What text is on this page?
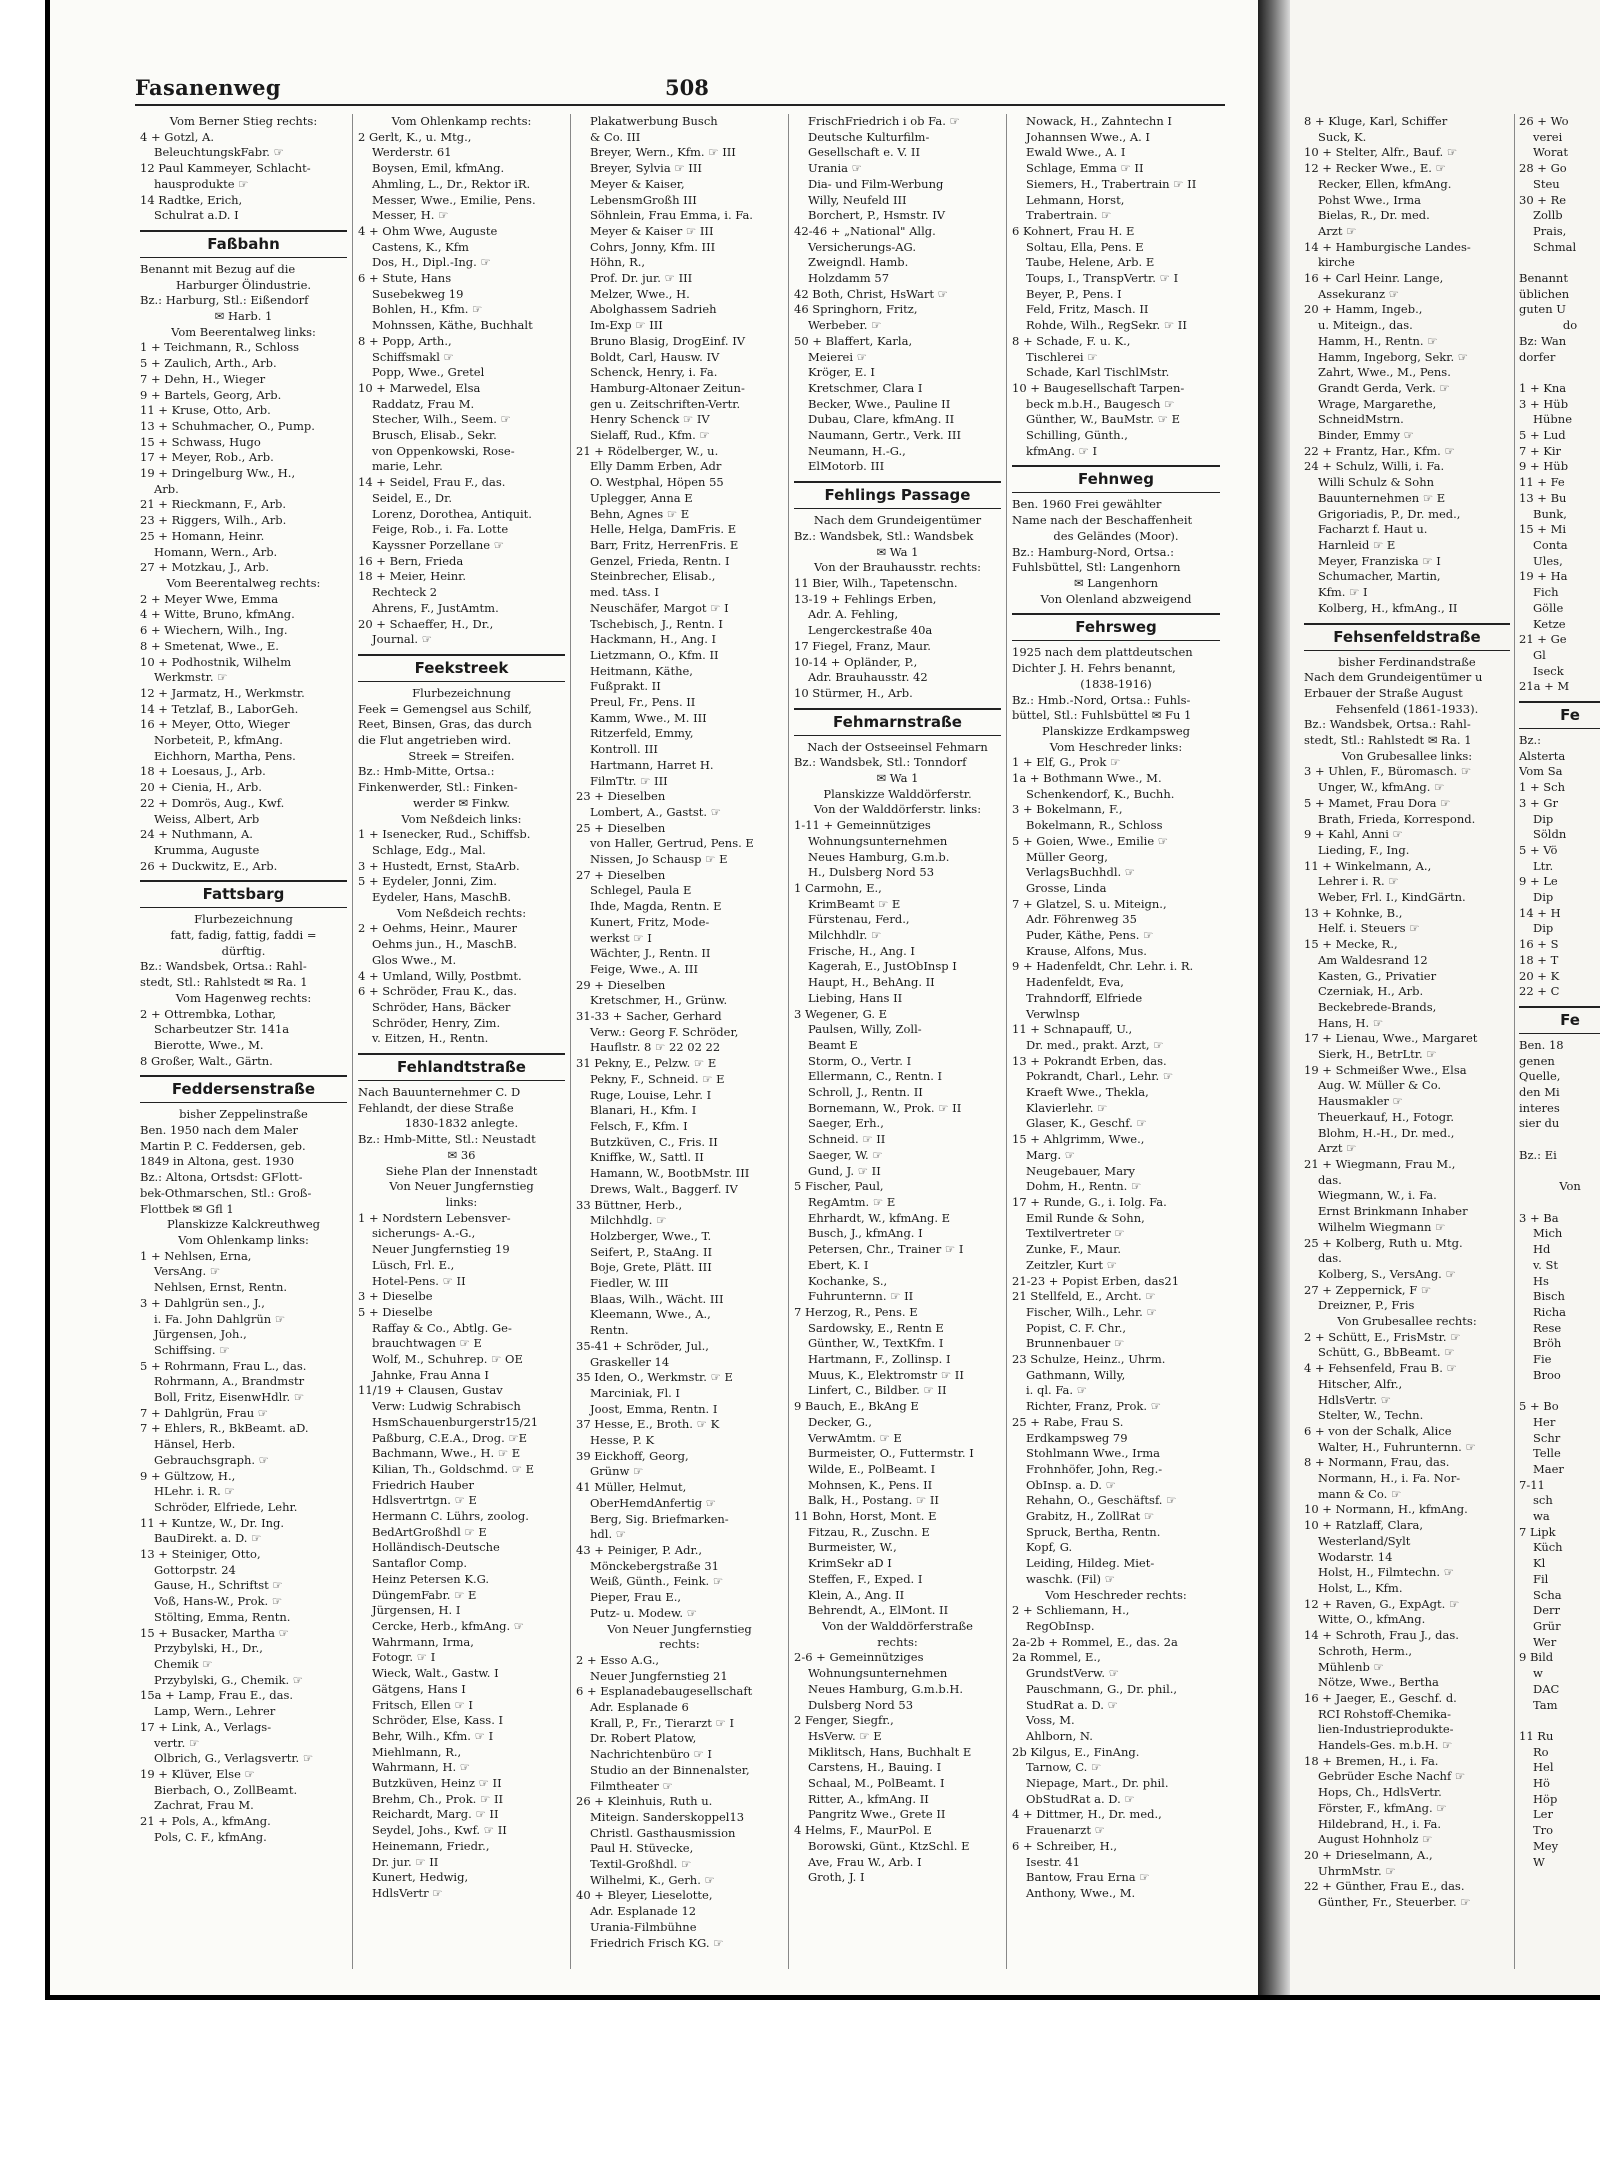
Fasanenweg	508
Vom Berner Stieg rechts:
4 + Gotzl, A.
BeleuchtungskFabr. ☞
12 Paul Kammeyer, Schlacht-
hausprodukte ☞
14 Radtke, Erich,
Schulrat a.D. I
Faßbahn
Benannt mit Bezug auf die
Harburger Ölindustrie.
Bz.: Harburg, Stl.: Eißendorf
✉ Harb. 1
Vom Beerentalweg links:
1 + Teichmann, R., Schloss
5 + Zaulich, Arth., Arb.
7 + Dehn, H., Wieger
9 + Bartels, Georg, Arb.
11 + Kruse, Otto, Arb.
13 + Schuhmacher, O., Pump.
15 + Schwass, Hugo
17 + Meyer, Rob., Arb.
19 + Dringelburg Ww., H.,
Arb.
21 + Rieckmann, F., Arb.
23 + Riggers, Wilh., Arb.
25 + Homann, Heinr.
Homann, Wern., Arb.
27 + Motzkau, J., Arb.
Vom Beerentalweg rechts:
2 + Meyer Wwe, Emma
4 + Witte, Bruno, kfmAng.
6 + Wiechern, Wilh., Ing.
8 + Smetenat, Wwe., E.
10 + Podhostnik, Wilhelm
Werkmstr. ☞
12 + Jarmatz, H., Werkmstr.
14 + Tetzlaf, B., LaborGeh.
16 + Meyer, Otto, Wieger
Norbeteit, P., kfmAng.
Eichhorn, Martha, Pens.
18 + Loesaus, J., Arb.
20 + Cienia, H., Arb.
22 + Domrös, Aug., Kwf.
Weiss, Albert, Arb
24 + Nuthmann, A.
Krumma, Auguste
26 + Duckwitz, E., Arb.
Fattsbarg
Flurbezeichnung
fatt, fadig, fattig, faddi =
dürftig.
Bz.: Wandsbek, Ortsa.: Rahl-
stedt, Stl.: Rahlstedt ✉ Ra. 1
Vom Hagenweg rechts:
2 + Ottrembka, Lothar,
Scharbeutzer Str. 141a
Bierotte, Wwe., M.
8 Großer, Walt., Gärtn.
Feddersenstraße
bisher Zeppelinstraße
Ben. 1950 nach dem Maler
Martin P. C. Feddersen, geb.
1849 in Altona, gest. 1930
Bz.: Altona, Ortsdst: GFlott-
bek-Othmarschen, Stl.: Groß-
Flottbek ✉ Gfl 1
Planskizze Kalckreuthweg
Vom Ohlenkamp links:
1 + Nehlsen, Erna,
VersAng. ☞
Nehlsen, Ernst, Rentn.
3 + Dahlgrün sen., J.,
i. Fa. John Dahlgrün ☞
Jürgensen, Joh.,
Schiffsing. ☞
5 + Rohrmann, Frau L., das.
Rohrmann, A., Brandmstr
Boll, Fritz, EisenwHdlr. ☞
7 + Dahlgrün, Frau ☞
7 + Ehlers, R., BkBeamt. aD.
Hänsel, Herb.
Gebrauchsgraph. ☞
9 + Gültzow, H.,
HLehr. i. R. ☞
Schröder, Elfriede, Lehr.
11 + Kuntze, W., Dr. Ing.
BauDirekt. a. D. ☞
13 + Steiniger, Otto,
Gottorpstr. 24
Gause, H., Schriftst ☞
Voß, Hans-W., Prok. ☞
Stölting, Emma, Rentn.
15 + Busacker, Martha ☞
Przybylski, H., Dr.,
Chemik ☞
Przybylski, G., Chemik. ☞
15a + Lamp, Frau E., das.
Lamp, Wern., Lehrer
17 + Link, A., Verlags-
vertr. ☞
Olbrich, G., Verlagsvertr. ☞
19 + Klüver, Else ☞
Bierbach, O., ZollBeamt.
Zachrat, Frau M.
21 + Pols, A., kfmAng.
Pols, C. F., kfmAng.
Vom Ohlenkamp rechts:
2 Gerlt, K., u. Mtg.,
Werderstr. 61
Boysen, Emil, kfmAng.
Ahmling, L., Dr., Rektor iR.
Messer, Wwe., Emilie, Pens.
Messer, H. ☞
4 + Ohm Wwe, Auguste
Castens, K., Kfm
Dos, H., Dipl.-Ing. ☞
6 + Stute, Hans
Susebekweg 19
Bohlen, H., Kfm. ☞
Mohnssen, Käthe, Buchhalt
8 + Popp, Arth.,
Schiffsmakl ☞
Popp, Wwe., Gretel
10 + Marwedel, Elsa
Raddatz, Frau M.
Stecher, Wilh., Seem. ☞
Brusch, Elisab., Sekr.
von Oppenkowski, Rose-
marie, Lehr.
14 + Seidel, Frau F., das.
Seidel, E., Dr.
Lorenz, Dorothea, Antiquit.
Feige, Rob., i. Fa. Lotte
Kayssner Porzellane ☞
16 + Bern, Frieda
18 + Meier, Heinr.
Rechteck 2
Ahrens, F., JustAmtm.
20 + Schaeffer, H., Dr.,
Journal. ☞
Feekstreek
Flurbezeichnung
Feek = Gemengsel aus Schilf,
Reet, Binsen, Gras, das durch
die Flut angetrieben wird.
Streek = Streifen.
Bz.: Hmb-Mitte, Ortsa.:
Finkenwerder, Stl.: Finken-
werder ✉ Finkw.
Vom Neßdeich links:
1 + Isenecker, Rud., Schiffsb.
Schlage, Edg., Mal.
3 + Hustedt, Ernst, StaArb.
5 + Eydeler, Jonni, Zim.
Eydeler, Hans, MaschB.
Vom Neßdeich rechts:
2 + Oehms, Heinr., Maurer
Oehms jun., H., MaschB.
Glos Wwe., M.
4 + Umland, Willy, Postbmt.
6 + Schröder, Frau K., das.
Schröder, Hans, Bäcker
Schröder, Henry, Zim.
v. Eitzen, H., Rentn.
Fehlandtstraße
Nach Bauunternehmer C. D
Fehlandt, der diese Straße
1830-1832 anlegte.
Bz.: Hmb-Mitte, Stl.: Neustadt
✉ 36
Siehe Plan der Innenstadt
Von Neuer Jungfernstieg
links:
1 + Nordstern Lebensver-
sicherungs- A.-G.,
Neuer Jungfernstieg 19
Lüsch, Frl. E.,
Hotel-Pens. ☞ II
3 + Dieselbe
5 + Dieselbe
Raffay & Co., Abtlg. Ge-
brauchtwagen ☞ E
Wolf, M., Schuhrep. ☞ OE
Jahnke, Frau Anna I
11/19 + Clausen, Gustav
Verw: Ludwig Schrabisch
HsmSchauenburgerstr15/21
Paßburg, C.E.A., Drog. ☞E
Bachmann, Wwe., H. ☞ E
Kilian, Th., Goldschmd. ☞ E
Friedrich Hauber
Hdlsvertrtgn. ☞ E
Hermann C. Lührs, zoolog.
BedArtGroßhdl ☞ E
Holländisch-Deutsche
Santaflor Comp.
Heinz Petersen K.G.
DüngemFabr. ☞ E
Jürgensen, H. I
Cercke, Herb., kfmAng. ☞
Wahrmann, Irma,
Fotogr. ☞ I
Wieck, Walt., Gastw. I
Gätgens, Hans I
Fritsch, Ellen ☞ I
Schröder, Else, Kass. I
Behr, Wilh., Kfm. ☞ I
Miehlmann, R.,
Wahrmann, H. ☞
Butzküven, Heinz ☞ II
Brehm, Ch., Prok. ☞ II
Reichardt, Marg. ☞ II
Seydel, Johs., Kwf. ☞ II
Heinemann, Friedr.,
Dr. jur. ☞ II
Kunert, Hedwig,
HdlsVertr ☞
Plakatwerbung Busch
& Co. III
Breyer, Wern., Kfm. ☞ III
Breyer, Sylvia ☞ III
Meyer & Kaiser,
LebensmGroßh III
Söhnlein, Frau Emma, i. Fa.
Meyer & Kaiser ☞ III
Cohrs, Jonny, Kfm. III
Höhn, R.,
Prof. Dr. jur. ☞ III
Melzer, Wwe., H.
Abolghassem Sadrieh
Im-Exp ☞ III
Bruno Blasig, DrogEinf. IV
Boldt, Carl, Hausw. IV
Schenck, Henry, i. Fa.
Hamburg-Altonaer Zeitun-
gen u. Zeitschriften-Vertr.
Henry Schenck ☞ IV
Sielaff, Rud., Kfm. ☞
21 + Rödelberger, W., u.
Elly Damm Erben, Adr
O. Westphal, Höpen 55
Uplegger, Anna E
Behn, Agnes ☞ E
Helle, Helga, DamFris. E
Barr, Fritz, HerrenFris. E
Genzel, Frieda, Rentn. I
Steinbrecher, Elisab.,
med. tAss. I
Neuschäfer, Margot ☞ I
Tschebisch, J., Rentn. I
Hackmann, H., Ang. I
Lietzmann, O., Kfm. II
Heitmann, Käthe,
Fußprakt. II
Preul, Fr., Pens. II
Kamm, Wwe., M. III
Ritzerfeld, Emmy,
Kontroll. III
Hartmann, Harret H.
FilmTtr. ☞ III
23 + Dieselben
Lombert, A., Gastst. ☞
25 + Dieselben
von Haller, Gertrud, Pens. E
Nissen, Jo Schausp ☞ E
27 + Dieselben
Schlegel, Paula E
Ihde, Magda, Rentn. E
Kunert, Fritz, Mode-
werkst ☞ I
Wächter, J., Rentn. II
Feige, Wwe., A. III
29 + Dieselben
Kretschmer, H., Grünw.
31-33 + Sacher, Gerhard
Verw.: Georg F. Schröder,
Hauflstr. 8 ☞ 22 02 22
31 Pekny, E., Pelzw. ☞ E
Pekny, F., Schneid. ☞ E
Ruge, Louise, Lehr. I
Blanari, H., Kfm. I
Felsch, F., Kfm. I
Butzküven, C., Fris. II
Kniffke, W., Sattl. II
Hamann, W., BootbMstr. III
Drews, Walt., Baggerf. IV
33 Büttner, Herb.,
Milchhdlg. ☞
Holzberger, Wwe., T.
Seifert, P., StaAng. II
Boje, Grete, Plätt. III
Fiedler, W. III
Blaas, Wilh., Wächt. III
Kleemann, Wwe., A.,
Rentn.
35-41 + Schröder, Jul.,
Graskeller 14
35 Iden, O., Werkmstr. ☞ E
Marciniak, Fl. I
Joost, Emma, Rentn. I
37 Hesse, E., Broth. ☞ K
Hesse, P. K
39 Eickhoff, Georg,
Grünw ☞
41 Müller, Helmut,
OberHemdAnfertig ☞
Berg, Sig. Briefmarken-
hdl. ☞
43 + Peiniger, P. Adr.,
Mönckebergstraße 31
Weiß, Günth., Feink. ☞
Pieper, Frau E.,
Putz- u. Modew. ☞
Von Neuer Jungfernstieg
rechts:
2 + Esso A.G.,
Neuer Jungfernstieg 21
6 + Esplanadebaugesellschaft
Adr. Esplanade 6
Krall, P., Fr., Tierarzt ☞ I
Dr. Robert Platow,
Nachrichtenbüro ☞ I
Studio an der Binnenalster,
Filmtheater ☞
26 + Kleinhuis, Ruth u.
Miteign. Sanderskoppel13
Christl. Gasthausmission
Paul H. Stüvecke,
Textil-Großhdl. ☞
Wilhelmi, K., Gerh. ☞
40 + Bleyer, Lieselotte,
Adr. Esplanade 12
Urania-Filmbühne
Friedrich Frisch KG. ☞
FrischFriedrich i ob Fa. ☞
Deutsche Kulturfilm-
Gesellschaft e. V. II
Urania ☞
Dia- und Film-Werbung
Willy, Neufeld III
Borchert, P., Hsmstr. IV
42-46 + „National" Allg.
Versicherungs-AG.
Zweigndl. Hamb.
Holzdamm 57
42 Both, Christ, HsWart ☞
46 Springhorn, Fritz,
Werbeber. ☞
50 + Blaffert, Karla,
Meierei ☞
Kröger, E. I
Kretschmer, Clara I
Becker, Wwe., Pauline II
Dubau, Clare, kfmAng. II
Naumann, Gertr., Verk. III
Neumann, H.-G.,
ElMotorb. III
Fehlings Passage
Nach dem Grundeigentümer
Bz.: Wandsbek, Stl.: Wandsbek
✉ Wa 1
Von der Brauhausstr. rechts:
11 Bier, Wilh., Tapetenschn.
13-19 + Fehlings Erben,
Adr. A. Fehling,
Lengerckestraße 40a
17 Fiegel, Franz, Maur.
10-14 + Opländer, P.,
Adr. Brauhausstr. 42
10 Stürmer, H., Arb.
Fehmarnstraße
Nach der Ostseeinsel Fehmarn
Bz.: Wandsbek, Stl.: Tonndorf
✉ Wa 1
Planskizze Walddörferstr.
Von der Walddörferstr. links:
1-11 + Gemeinnütziges
Wohnungsunternehmen
Neues Hamburg, G.m.b.
H., Dulsberg Nord 53
1 Carmohn, E.,
KrimBeamt ☞ E
Fürstenau, Ferd.,
Milchhdlr. ☞
Frische, H., Ang. I
Kagerah, E., JustObInsp I
Haupt, H., BehAng. II
Liebing, Hans II
3 Wegener, G. E
Paulsen, Willy, Zoll-
Beamt E
Storm, O., Vertr. I
Ellermann, C., Rentn. I
Schroll, J., Rentn. II
Bornemann, W., Prok. ☞ II
Saeger, Erh.,
Schneid. ☞ II
Saeger, W. ☞
Gund, J. ☞ II
5 Fischer, Paul,
RegAmtm. ☞ E
Ehrhardt, W., kfmAng. E
Busch, J., kfmAng. I
Petersen, Chr., Trainer ☞ I
Ebert, K. I
Kochanke, S.,
Fuhrunternn. ☞ II
7 Herzog, R., Pens. E
Sardowsky, E., Rentn E
Günther, W., TextKfm. I
Hartmann, F., Zollinsp. I
Muus, K., Elektromstr ☞ II
Linfert, C., Bildber. ☞ II
9 Bauch, E., BkAng E
Decker, G.,
VerwAmtm. ☞ E
Burmeister, O., Futtermstr. I
Wilde, E., PolBeamt. I
Mohnsen, K., Pens. II
Balk, H., Postang. ☞ II
11 Bohn, Horst, Mont. E
Fitzau, R., Zuschn. E
Burmeister, W.,
KrimSekr aD I
Steffen, F., Exped. I
Klein, A., Ang. II
Behrendt, A., ElMont. II
Von der Walddörferstraße
rechts:
2-6 + Gemeinnütziges
Wohnungsunternehmen
Neues Hamburg, G.m.b.H.
Dulsberg Nord 53
2 Fenger, Siegfr.,
HsVerw. ☞ E
Miklitsch, Hans, Buchhalt E
Carstens, H., Bauing. I
Schaal, M., PolBeamt. I
Ritter, A., kfmAng. II
Pangritz Wwe., Grete II
4 Helms, F., MaurPol. E
Borowski, Günt., KtzSchl. E
Ave, Frau W., Arb. I
Groth, J. I
Nowack, H., Zahntechn I
Johannsen Wwe., A. I
Ewald Wwe., A. I
Schlage, Emma ☞ II
Siemers, H., Trabertrain ☞ II
Lehmann, Horst,
Trabertrain. ☞
6 Kohnert, Frau H. E
Soltau, Ella, Pens. E
Taube, Helene, Arb. E
Toups, I., TranspVertr. ☞ I
Beyer, P., Pens. I
Feld, Fritz, Masch. II
Rohde, Wilh., RegSekr. ☞ II
8 + Schade, F. u. K.,
Tischlerei ☞
Schade, Karl TischlMstr.
10 + Baugesellschaft Tarpen-
beck m.b.H., Baugesch ☞
Günther, W., BauMstr. ☞ E
Schilling, Günth.,
kfmAng. ☞ I
Fehnweg
Ben. 1960 Frei gewählter
Name nach der Beschaffenheit
des Geländes (Moor).
Bz.: Hamburg-Nord, Ortsa.:
Fuhlsbüttel, Stl: Langenhorn
✉ Langenhorn
Von Olenland abzweigend
Fehrsweg
1925 nach dem plattdeutschen
Dichter J. H. Fehrs benannt,
(1838-1916)
Bz.: Hmb.-Nord, Ortsa.: Fuhls-
büttel, Stl.: Fuhlsbüttel ✉ Fu 1
Planskizze Erdkampsweg
Vom Heschreder links:
1 + Elf, G., Prok ☞
1a + Bothmann Wwe., M.
Schenkendorf, K., Buchh.
3 + Bokelmann, F.,
Bokelmann, R., Schloss
5 + Goien, Wwe., Emilie ☞
Müller Georg,
VerlagsBuchhdl. ☞
Grosse, Linda
7 + Glatzel, S. u. Miteign.,
Adr. Föhrenweg 35
Puder, Käthe, Pens. ☞
Krause, Alfons, Mus.
9 + Hadenfeldt, Chr. Lehr. i. R.
Hadenfeldt, Eva,
Trahndorff, Elfriede
Verwlnsp
11 + Schnapauff, U.,
Dr. med., prakt. Arzt, ☞
13 + Pokrandt Erben, das.
Pokrandt, Charl., Lehr. ☞
Kraeft Wwe., Thekla,
Klavierlehr. ☞
Glaser, K., Geschf. ☞
15 + Ahlgrimm, Wwe.,
Marg. ☞
Neugebauer, Mary
Dohm, H., Rentn. ☞
17 + Runde, G., i. Iolg. Fa.
Emil Runde & Sohn,
Textilvertreter ☞
Zunke, F., Maur.
Zeitzler, Kurt ☞
21-23 + Popist Erben, das21
21 Stellfeld, E., Archt. ☞
Fischer, Wilh., Lehr. ☞
Popist, C. F. Chr.,
Brunnenbauer ☞
23 Schulze, Heinz., Uhrm.
Gathmann, Willy,
i. ql. Fa. ☞
Richter, Franz, Prok. ☞
25 + Rabe, Frau S.
Erdkampsweg 79
Stohlmann Wwe., Irma
Frohnhöfer, John, Reg.-
ObInsp. a. D. ☞
Rehahn, O., Geschäftsf. ☞
Grabitz, H., ZollRat ☞
Spruck, Bertha, Rentn.
Kopf, G.
Leiding, Hildeg. Miet-
waschk. (Fil) ☞
Vom Heschreder rechts:
2 + Schliemann, H.,
RegObInsp.
2a-2b + Rommel, E., das. 2a
2a Rommel, E.,
GrundstVerw. ☞
Pauschmann, G., Dr. phil.,
StudRat a. D. ☞
Voss, M.
Ahlborn, N.
2b Kilgus, E., FinAng.
Tarnow, C. ☞
Niepage, Mart., Dr. phil.
ObStudRat a. D. ☞
4 + Dittmer, H., Dr. med.,
Frauenarzt ☞
6 + Schreiber, H.,
Isestr. 41
Bantow, Frau Erna ☞
Anthony, Wwe., M.
8 + Kluge, Karl, Schiffer
Suck, K.
10 + Stelter, Alfr., Bauf. ☞
12 + Recker Wwe., E. ☞
Recker, Ellen, kfmAng.
Pohst Wwe., Irma
Bielas, R., Dr. med.
Arzt ☞
14 + Hamburgische Landes-
kirche
16 + Carl Heinr. Lange,
Assekuranz ☞
20 + Hamm, Ingeb.,
u. Miteign., das.
Hamm, H., Rentn. ☞
Hamm, Ingeborg, Sekr. ☞
Zahrt, Wwe., M., Pens.
Grandt Gerda, Verk. ☞
Wrage, Margarethe,
SchneidMstrn.
Binder, Emmy ☞
22 + Frantz, Har., Kfm. ☞
24 + Schulz, Willi, i. Fa.
Willi Schulz & Sohn
Bauunternehmen ☞ E
Grigoriadis, P., Dr. med.,
Facharzt f. Haut u.
Harnleid ☞ E
Meyer, Franziska ☞ I
Schumacher, Martin,
Kfm. ☞ I
Kolberg, H., kfmAng., II
Fehsenfeldstraße
bisher Ferdinandstraße
Nach dem Grundeigentümer u
Erbauer der Straße August
Fehsenfeld (1861-1933).
Bz.: Wandsbek, Ortsa.: Rahl-
stedt, Stl.: Rahlstedt ✉ Ra. 1
Von Grubesallee links:
3 + Uhlen, F., Büromasch. ☞
Unger, W., kfmAng. ☞
5 + Mamet, Frau Dora ☞
Brath, Frieda, Korrespond.
9 + Kahl, Anni ☞
Lieding, F., Ing.
11 + Winkelmann, A.,
Lehrer i. R. ☞
Weber, Frl. I., KindGärtn.
13 + Kohnke, B.,
Helf. i. Steuers ☞
15 + Mecke, R.,
Am Waldesrand 12
Kasten, G., Privatier
Czerniak, H., Arb.
Beckebrede-Brands,
Hans, H. ☞
17 + Lienau, Wwe., Margaret
Sierk, H., BetrLtr. ☞
19 + Schmeißer Wwe., Elsa
Aug. W. Müller & Co.
Hausmakler ☞
Theuerkauf, H., Fotogr.
Blohm, H.-H., Dr. med.,
Arzt ☞
21 + Wiegmann, Frau M.,
das.
Wiegmann, W., i. Fa.
Ernst Brinkmann Inhaber
Wilhelm Wiegmann ☞
25 + Kolberg, Ruth u. Mtg.
das.
Kolberg, S., VersAng. ☞
27 + Zeppernick, F ☞
Dreizner, P., Fris
Von Grubesallee rechts:
2 + Schütt, E., FrisMstr. ☞
Schütt, G., BbBeamt. ☞
4 + Fehsenfeld, Frau B. ☞
Hitscher, Alfr.,
HdlsVertr. ☞
Stelter, W., Techn.
6 + von der Schalk, Alice
Walter, H., Fuhrunternn. ☞
8 + Normann, Frau, das.
Normann, H., i. Fa. Nor-
mann & Co. ☞
10 + Normann, H., kfmAng.
10 + Ratzlaff, Clara,
Westerland/Sylt
Wodarstr. 14
Holst, H., Filmtechn. ☞
Holst, L., Kfm.
12 + Raven, G., ExpAgt. ☞
Witte, O., kfmAng.
14 + Schroth, Frau J., das.
Schroth, Herm.,
Mühlenb ☞
Nötze, Wwe., Bertha
16 + Jaeger, E., Geschf. d.
RCI Rohstoff-Chemika-
lien-Industrieprodukte-
Handels-Ges. m.b.H. ☞
18 + Bremen, H., i. Fa.
Gebrüder Esche Nachf ☞
Hops, Ch., HdlsVertr.
Förster, F., kfmAng. ☞
Hildebrand, H., i. Fa.
August Hohnholz ☞
20 + Drieselmann, A.,
UhrmMstr. ☞
22 + Günther, Frau E., das.
Günther, Fr., Steuerber. ☞
26 + Wo
verei
Worat
28 + Go
Steu
30 + Re
Zollb
Prais,
Schmal

Benannt
üblichen
guten U
do
Bz: Wan
dorfer

1 + Kna
3 + Hüb
Hübne
5 + Lud
7 + Kir
9 + Hüb
11 + Fe
13 + Bu
Bunk,
15 + Mi
Conta
Ules,
19 + Ha
Fich
Gölle
Ketze
21 + Ge
Gl
Iseck
21a + M
Fe
Bz.:
Alsterta
Vom Sa
1 + Sch
3 + Gr
Dip
Söldn
5 + Vö
Ltr.
9 + Le
Dip
14 + H
Dip
16 + S
18 + T
20 + K
22 + C
Fe
Ben. 18
genen
Quelle,
den Mi
interes
sier du

Bz.: Ei

Von

3 + Ba
Mich
Hd
v. St
Hs
Bisch
Richa
Rese
Bröh
Fie
Broo

5 + Bo
Her
Schr
Telle
Maer
7-11
sch
wa
7 Lipk
Küch
Kl
Fil
Scha
Derr
Grür
Wer
9 Bild
w
DAC
Tam

11 Ru
Ro
Hel
Hö
Höp
Ler
Tro
Mey
W
